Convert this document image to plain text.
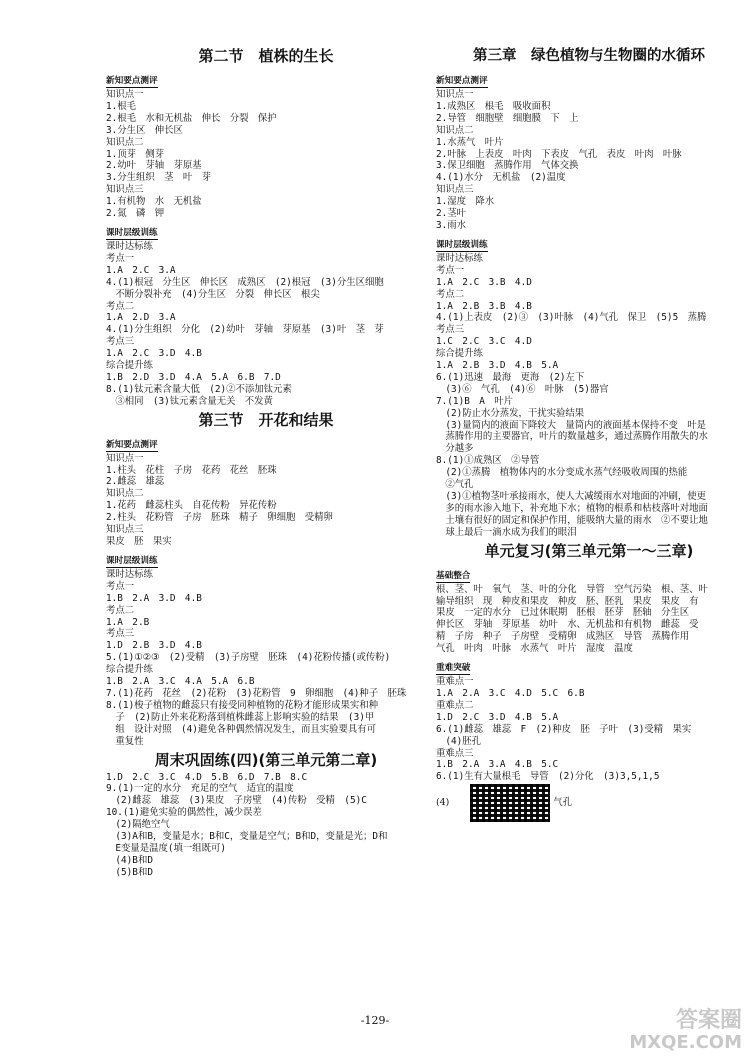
第二节　植株的生长
新知要点测评
知识点一
1.根毛
2.根毛　水和无机盐　伸长　分裂　保护
3.分生区　伸长区
知识点二
1.顶芽　侧芽
2.幼叶　芽轴　芽原基
3.分生组织　茎　叶　芽
知识点三
1.有机物　水　无机盐
2.氮　磷　钾
课时层级训练
课时达标练
考点一
1.A　2.C　3.A
4.(1)根冠　分生区　伸长区　成熟区　(2)根冠　(3)分生区细胞
　不断分裂补充　(4)分生区　分裂　伸长区　根尖
考点二
1.A　2.D　3.A
4.(1)分生组织　分化　(2)幼叶　芽轴　芽原基　(3)叶　茎　芽
考点三
1.A　2.C　3.D　4.B
综合提升练
1.B　2.D　3.D　4.A　5.A　6.B　7.D
8.(1)钛元素含量大低　(2)②不添加钛元素
　③相同　(3)钛元素含量无关　不发黄
第三节　开花和结果
新知要点测评
知识点一
1.柱头　花柱　子房　花药　花丝　胚珠
2.雌蕊　雄蕊
知识点二
1.花药　雌蕊柱头　自花传粉　异花传粉
2.柱头　花粉管　子房　胚珠　精子　卵细胞　受精卵
知识点三
果皮　胚　果实
课时层级训练
课时达标练
考点一
1.B　2.A　3.D　4.B
考点二
1.A　2.B
考点三
1.D　2.B　3.D　4.B
5.(1)①②③　(2)受精　(3)子房壁　胚珠　(4)花粉传播(或传粉)
综合提升练
1.B　2.A　3.C　4.A　5.A　6.B
7.(1)花药　花丝　(2)花粉　(3)花粉管　9　卵细胞　(4)种子　胚珠
8.(1)梭子植物的雌蕊只有接受同种植物的花粉才能形成果实和种
　子　(2)防止外来花粉落到植株雌蕊上影响实验的结果　(3)甲
　组　设计对照　(4)避免各种偶然情况发生，而且实验要具有可
　重复性
周末巩固练(四)(第三单元第二章)
1.D　2.C　3.C　4.D　5.B　6.D　7.B　8.C
9.(1)一定的水分　充足的空气　适宜的温度
　(2)雌蕊　雄蕊　(3)果皮　子房壁　(4)传粉　受精　(5)C
10.(1)避免实验的偶然性，减少误差
　(2)隔绝空气
　(3)A和B，变量是水；B和C，变量是空气；B和D，变量是光；D和
　E变量是温度(填一组既可)
　(4)B和D
　(5)B和D
第三章　绿色植物与生物圈的水循环
新知要点测评
知识点一
1.成熟区　根毛　吸收面积
2.导管　细胞壁　细胞膜　下　上
知识点二
1.水蒸气　叶片
2.叶脉　上表皮　叶肉　下表皮　气孔　表皮　叶肉　叶脉
3.保卫细胞　蒸腾作用　气体交换
4.(1)水分　无机盐　(2)温度
知识点三
1.湿度　降水
2.茎叶
3.雨水
课时层级训练
课时达标练
考点一
1.A　2.C　3.B　4.D
考点二
1.A　2.B　3.B　4.B
4.(1)上表皮　(2)③　(3)叶脉　(4)气孔　保卫　(5)5　蒸腾
考点三
1.C　2.C　3.C　4.D
综合提升练
1.A　2.B　3.D　4.B　5.A
6.(1)迅速　最海　更海　(2)左下
　(3)⑥　气孔　(4)⑥　叶脉　(5)器官
7.(1)B　A　叶片
　(2)防止水分蒸发，干扰实验结果
　(3)量筒内的液面下降较大　量筒内的液面基本保持不变　叶是
　蒸腾作用的主要器官，叶片的数量越多，通过蒸腾作用散失的水
　分越多
8.(1)①成熟区　②导管
　(2)①蒸腾　植物体内的水分变成水蒸气经吸收周围的热能
　②气孔
　(3)①植物茎叶承接雨水，使人大减缓雨水对地面的冲刷，使更
　多的雨水渗入地下，补充地下水；植物的根系和枯枝落叶对地面
　土壤有很好的固定和保护作用，能吸纳大量的雨水　②不要让地
　球上最后一滴水成为我们的眼泪
单元复习(第三单元第一～三章)
基础整合
根、茎、叶　氧气　茎、叶的分化　导管　空气污染　根、茎、叶
输导组织　现　种皮和果皮　种皮　胚、胚乳　果皮　果皮　有
果皮　一定的水分　已过休眠期　胚根　胚芽　胚轴　分生区
伸长区　芽轴　芽原基　幼叶　水、无机盐和有机物　雌蕊　受
精　子房　种子　子房壁　受精卵　成熟区　导管　蒸腾作用
气孔　叶肉　叶脉　水蒸气　叶片　湿度　温度
重难突破
重难点一
1.A　2.A　3.C　4.D　5.C　6.B
重难点二
1.D　2.C　3.D　4.B　5.A
6.(1)雌蕊　雄蕊　F　(2)种皮　胚　子叶　(3)受精　果实
　(4)胚孔
重难点三
1.B　2.A　3.A　4.B　5.C
6.(1)生有大量根毛　导管　(2)分化　(3)3,5,1,5
(4)	气孔
-129-	答案圈
MXQE.COM
